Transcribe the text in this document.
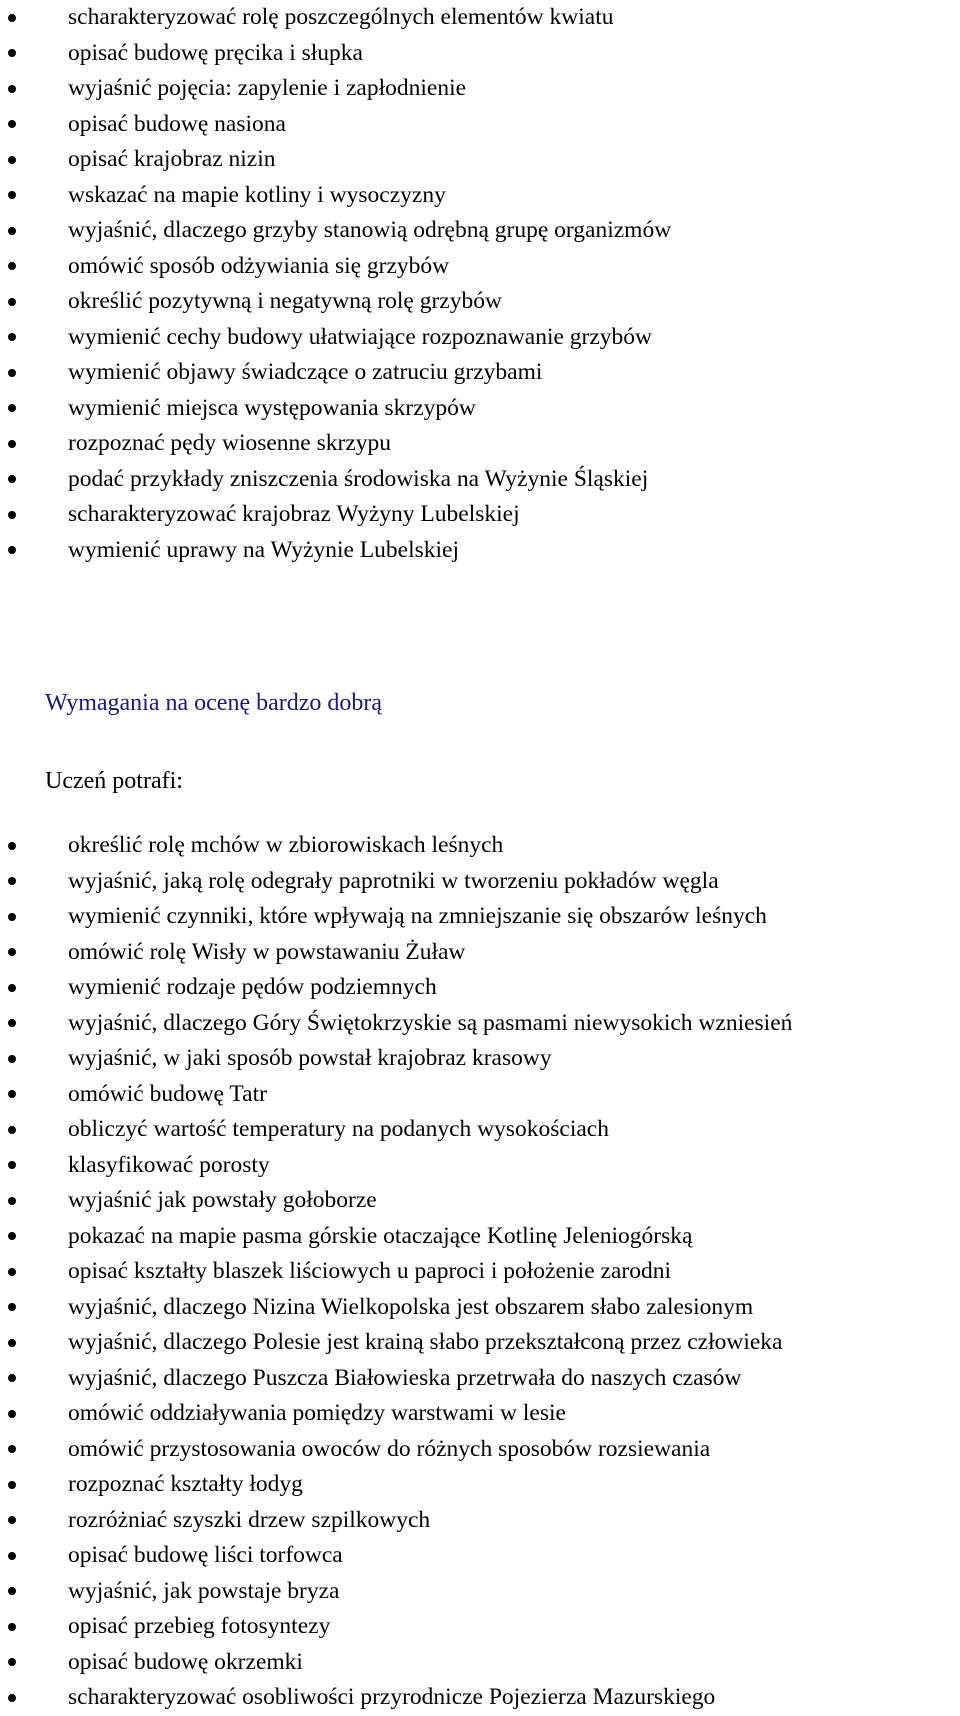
scharakteryzować rolę poszczególnych elementów kwiatu
opisać budowę pręcika i słupka
wyjaśnić pojęcia: zapylenie i zapłodnienie
opisać budowę nasiona
opisać krajobraz nizin
wskazać na mapie kotliny i wysoczyzny
wyjaśnić, dlaczego grzyby stanowią odrębną grupę organizmów
omówić sposób odżywiania się grzybów
określić pozytywną i negatywną rolę grzybów
wymienić cechy budowy ułatwiające rozpoznawanie grzybów
wymienić objawy świadczące o zatruciu grzybami
wymienić miejsca występowania skrzypów
rozpoznać pędy wiosenne skrzypu
podać przykłady zniszczenia środowiska na Wyżynie Śląskiej
scharakteryzować krajobraz Wyżyny Lubelskiej
wymienić uprawy na Wyżynie Lubelskiej
Wymagania na ocenę bardzo dobrą
Uczeń potrafi:
określić rolę mchów w zbiorowiskach leśnych
wyjaśnić, jaką rolę odegrały paprotniki w tworzeniu pokładów węgla
wymienić czynniki, które wpływają na zmniejszanie się obszarów leśnych
omówić rolę Wisły w powstawaniu Żuław
wymienić rodzaje pędów podziemnych
wyjaśnić, dlaczego Góry Świętokrzyskie są pasmami niewysokich wzniesień
wyjaśnić, w jaki sposób powstał krajobraz krasowy
omówić budowę Tatr
obliczyć wartość temperatury na podanych wysokościach
klasyfikować porosty
wyjaśnić jak powstały gołoborze
pokazać na mapie pasma górskie otaczające Kotlinę Jeleniogórską
opisać kształty blaszek liściowych u paproci i położenie zarodni
wyjaśnić, dlaczego Nizina Wielkopolska jest obszarem słabo zalesionym
wyjaśnić, dlaczego Polesie jest krainą słabo przekształconą przez człowieka
wyjaśnić, dlaczego Puszcza Białowieska przetrwała do naszych czasów
omówić oddziaływania pomiędzy warstwami w lesie
omówić przystosowania owoców do różnych sposobów rozsiewania
rozpoznać kształty łodyg
rozróżniać szyszki drzew szpilkowych
opisać budowę liści torfowca
wyjaśnić, jak powstaje bryza
opisać przebieg fotosyntezy
opisać budowę okrzemki
scharakteryzować osobliwości przyrodnicze Pojezierza Mazurskiego
